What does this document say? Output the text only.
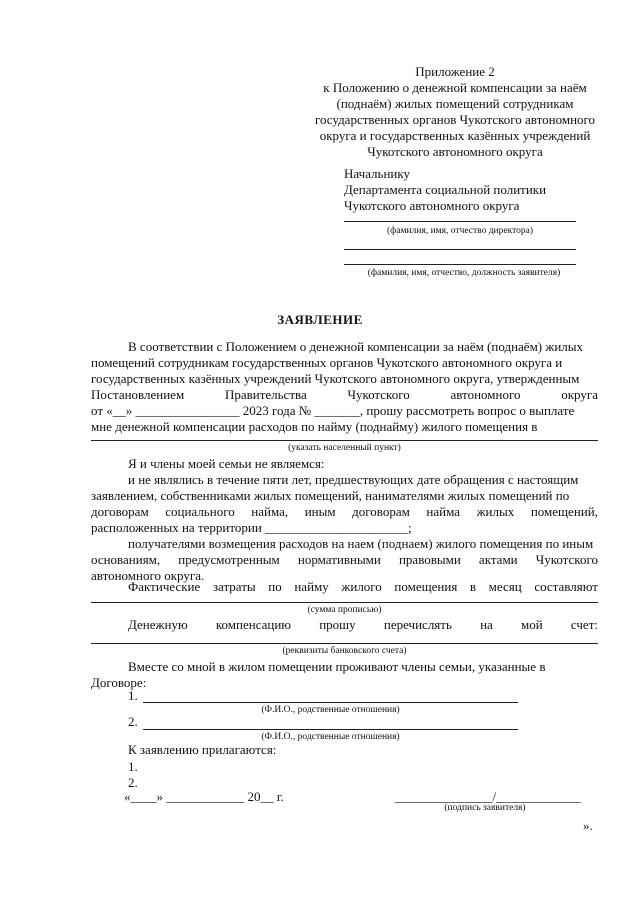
Приложение 2
к Положению о денежной компенсации за наём
(поднаём) жилых помещений сотрудникам
государственных органов Чукотского автономного
округа и государственных казённых учреждений
Чукотского автономного округа
Начальнику
Департамента социальной политики
Чукотского автономного округа
(фамилия, имя, отчество директора)
(фамилия, имя, отчество, должность заявителя)
ЗАЯВЛЕНИЕ
В соответствии с Положением о денежной компенсации за наём (поднаём) жилых
помещений сотрудникам государственных органов Чукотского автономного округа и
государственных казённых учреждений Чукотского автономного округа, утвержденным
Постановлением	Правительства	Чукотского	автономного	округа
от «__» ________________ 2023 года № _______, прошу рассмотреть вопрос о выплате
мне денежной компенсации расходов по найму (поднайму) жилого помещения в
(указать населенный пункт)
Я и члены моей семьи не являемся:
и не являлись в течение пяти лет, предшествующих дате обращения с настоящим
заявлением, собственниками жилых помещений, нанимателями жилых помещений по
договорам социального найма, иным договорам найма жилых помещений,
расположенных на территории ______________________;
получателями возмещения расходов на наем (поднаем) жилого помещения по иным
основаниям, предусмотренным нормативными правовыми актами Чукотского
автономного округа.
Фактические затраты по найму жилого помещения в месяц составляют
(сумма прописью)
Денежную компенсацию прошу перечислять на мой счет:
(реквизиты банковского счета)
Вместе со мной в жилом помещении проживают члены семьи, указанные в
Договоре:
1.
(Ф.И.О., родственные отношения)
2.
(Ф.И.О., родственные отношения)
К заявлению прилагаются:
1.
2.
«____» ____________ 20__ г.	_______________/_____________
(подпись заявителя)
».
